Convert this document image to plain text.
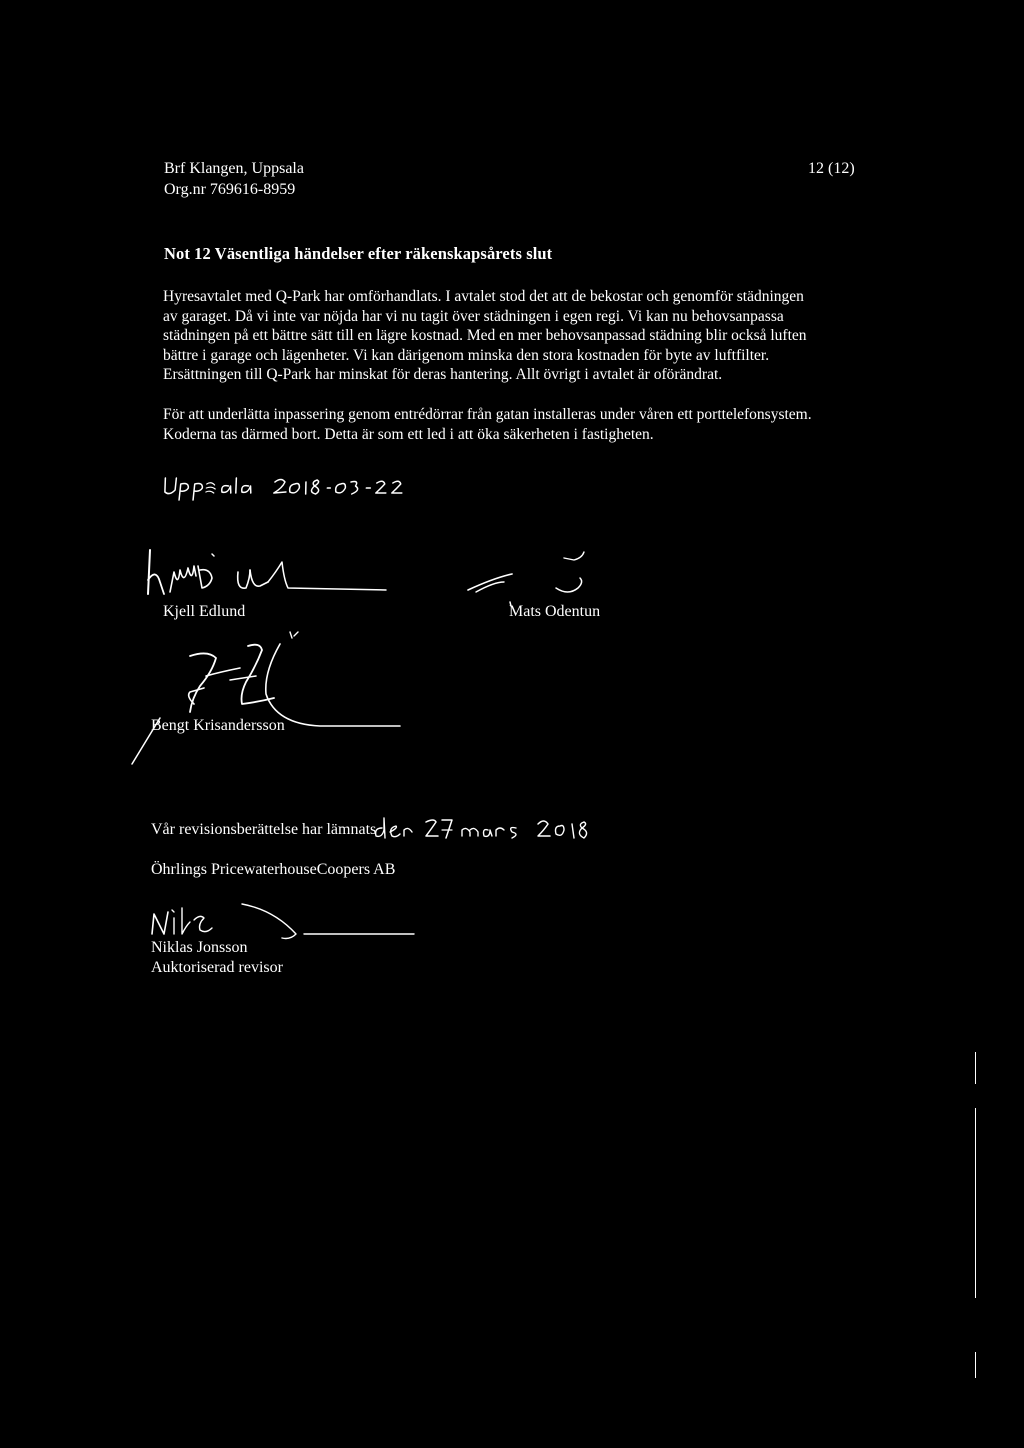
Brf Klangen, Uppsala
Org.nr 769616-8959
12 (12)
Not 12 Väsentliga händelser efter räkenskapsårets slut

Hyresavtalet med Q-Park har omförhandlats. I avtalet stod det att de bekostar och genomför städningen

av garaget. Då vi inte var nöjda har vi nu tagit över städningen i egen regi. Vi kan nu behovsanpassa

städningen på ett bättre sätt till en lägre kostnad. Med en mer behovsanpassad städning blir också luften

bättre i garage och lägenheter. Vi kan därigenom minska den stora kostnaden för byte av luftfilter.

Ersättningen till Q-Park har minskat för deras hantering. Allt övrigt i avtalet är oförändrat.

För att underlätta inpassering genom entrédörrar från gatan installeras under våren ett porttelefonsystem.

Koderna tas därmed bort. Detta är som ett led i att öka säkerheten i fastigheten.

Kjell Edlund	Mats Odentun
Bengt Krisandersson
Vår revisionsberättelse har lämnats
Öhrlings PricewaterhouseCoopers AB
Niklas Jonsson
Auktoriserad revisor
